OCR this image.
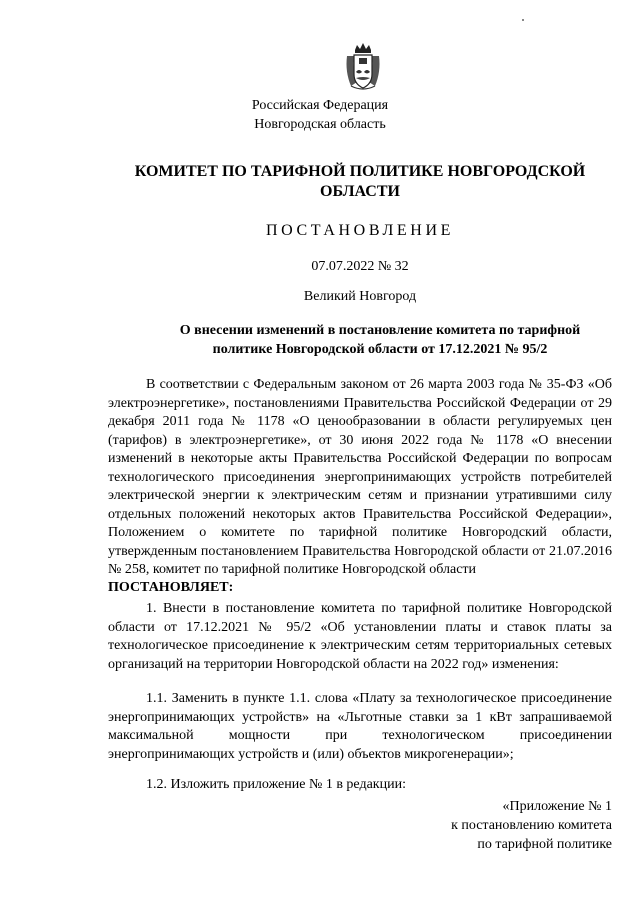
Российская Федерация
Новгородская область
КОМИТЕТ ПО ТАРИФНОЙ ПОЛИТИКЕ НОВГОРОДСКОЙ ОБЛАСТИ
ПОСТАНОВЛЕНИЕ
07.07.2022 № 32
Великий Новгород
О внесении изменений в постановление комитета по тарифной политике Новгородской области от 17.12.2021 № 95/2
В соответствии с Федеральным законом от 26 марта 2003 года № 35-ФЗ «Об электроэнергетике», постановлениями Правительства Российской Федерации от 29 декабря 2011 года № 1178 «О ценообразовании в области регулируемых цен (тарифов) в электроэнергетике», от 30 июня 2022 года № 1178 «О внесении изменений в некоторые акты Правительства Российской Федерации по вопросам технологического присоединения энергопринимающих устройств потребителей электрической энергии к электрическим сетям и признании утратившими силу отдельных положений некоторых актов Правительства Российской Федерации», Положением о комитете по тарифной политике Новгородский области, утвержденным постановлением Правительства Новгородской области от 21.07.2016 № 258, комитет по тарифной политике Новгородской области
ПОСТАНОВЛЯЕТ:
1. Внести в постановление комитета по тарифной политике Новгородской области от 17.12.2021 № 95/2 «Об установлении платы и ставок платы за технологическое присоединение к электрическим сетям территориальных сетевых организаций на территории Новгородской области на 2022 год» изменения:
1.1. Заменить в пункте 1.1. слова «Плату за технологическое присоединение энергопринимающих устройств» на «Льготные ставки за 1 кВт запрашиваемой максимальной мощности при технологическом присоединении энергопринимающих устройств и (или) объектов микрогенерации»;
1.2. Изложить приложение № 1 в редакции:
«Приложение № 1
к постановлению комитета
по тарифной политике
